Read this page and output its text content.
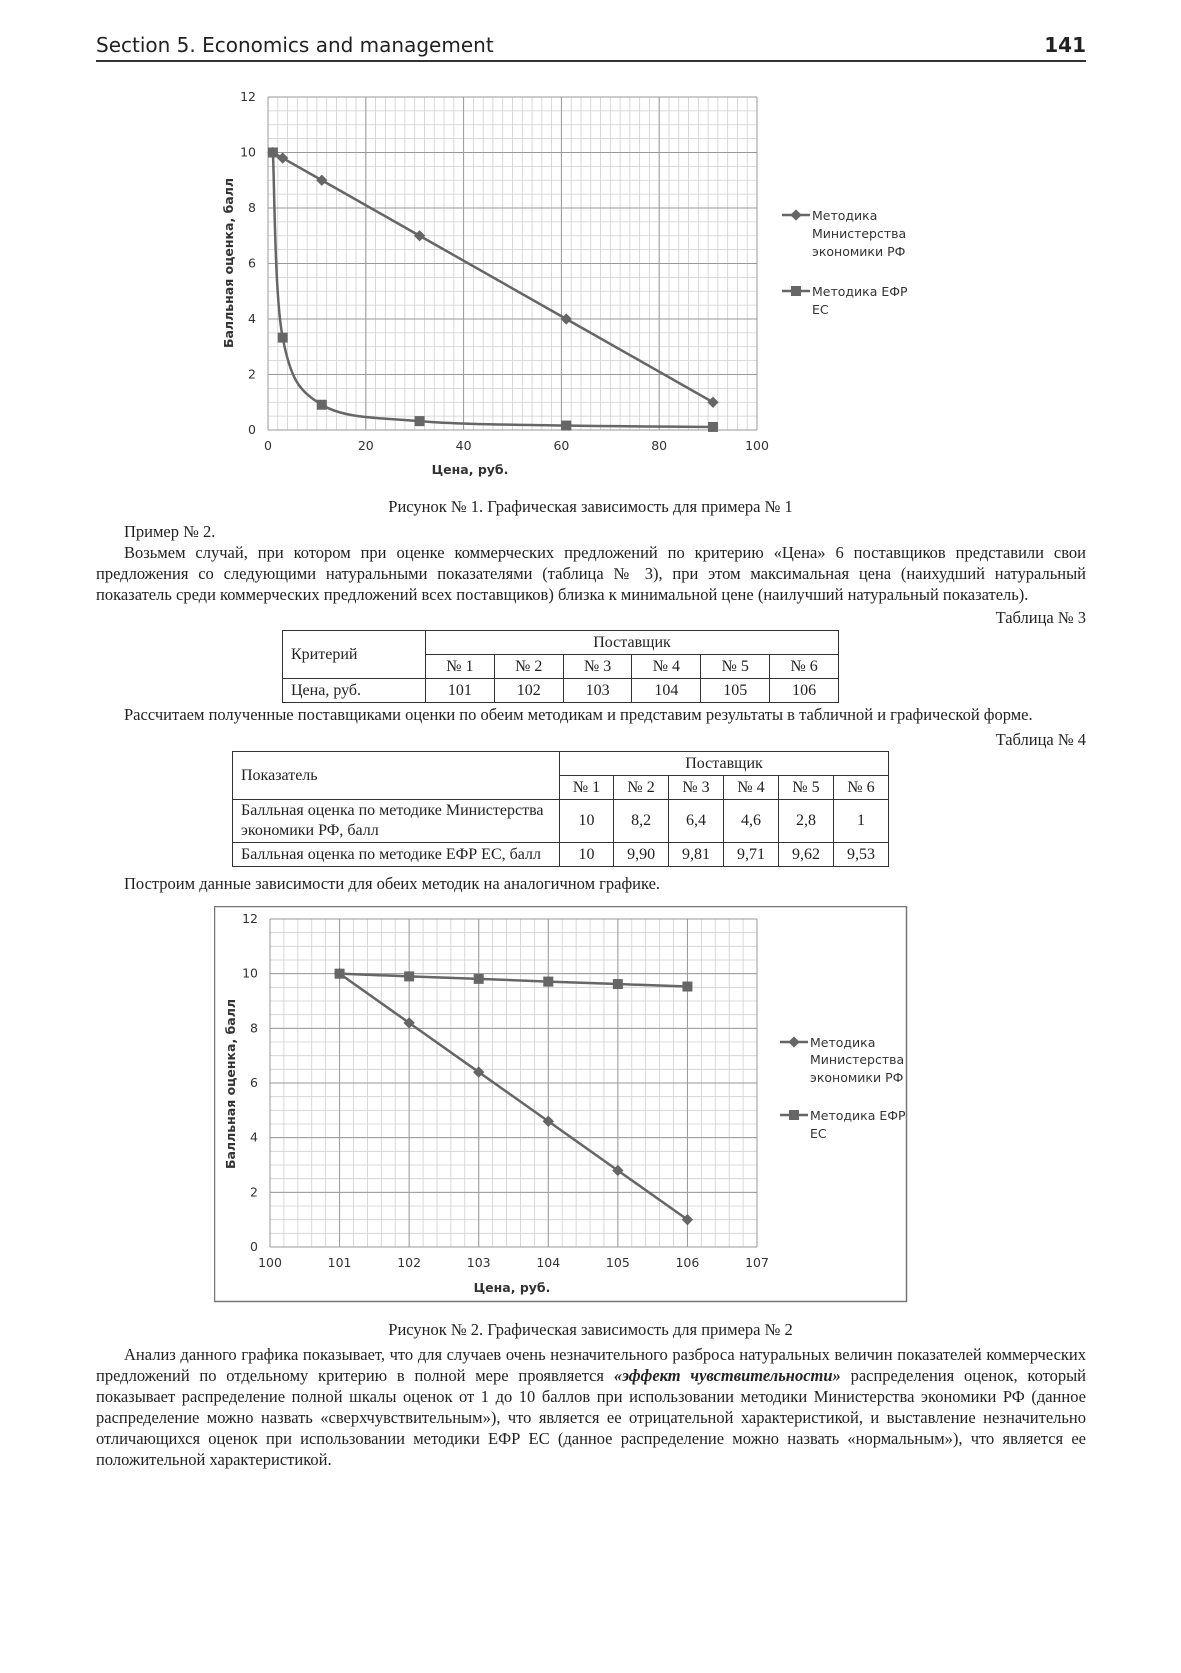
Section 5. Economics and management	141
0	20	40	60	80	100
0
2
4
6
8
10
12
Методика
Министерства
экономики РФ
Методика ЕФР
ЕС
Цена, руб.
Балльная оценка, балл
Рисунок № 1. Графическая зависимость для примера № 1

Пример № 2.

Возьмем случай, при котором при оценке коммерческих предложений по критерию «Цена» 6 поставщиков представили свои предложения со следующими натуральными показателями (таблица № 3), при этом максимальная цена (наихудший натуральный показатель среди коммерческих предложений всех поставщиков) близка к минимальной цене (наилучший натуральный показатель).

Таблица № 3
Критерий	Поставщик					
	№ 1	№ 2	№ 3	№ 4	№ 5	№ 6
Цена, руб.	101	102	103	104	105	106

Рассчитаем полученные поставщиками оценки по обеим методикам и представим результаты в табличной и графической форме.

Таблица № 4
Показатель	Поставщик					
	№ 1	№ 2	№ 3	№ 4	№ 5	№ 6
Балльная оценка по методике Министерства экономики РФ, балл	10	8,2	6,4	4,6	2,8	1
Балльная оценка по методике ЕФР ЕС, балл	10	9,90	9,81	9,71	9,62	9,53

Построим данные зависимости для обеих методик на аналогичном графике.

100	101	102	103	104	105	106	107
0
2
4
6
8
10
12
Методика
Министерства
экономики РФ
Методика ЕФР
ЕС
Цена, руб.
Балльная оценка, балл
Рисунок № 2. Графическая зависимость для примера № 2

Анализ данного графика показывает, что для случаев очень незначительного разброса натуральных величин показателей коммерческих предложений по отдельному критерию в полной мере проявляется «эффект чувствительности» распределения оценок, который показывает распределение полной шкалы оценок от 1 до 10 баллов при использовании методики Министерства экономики РФ (данное распределение можно назвать «сверхчувствительным»), что является ее отрицательной характеристикой, и выставление незначительно отличающихся оценок при использовании методики ЕФР ЕС (данное распределение можно назвать «нормальным»), что является ее положительной характеристикой.
